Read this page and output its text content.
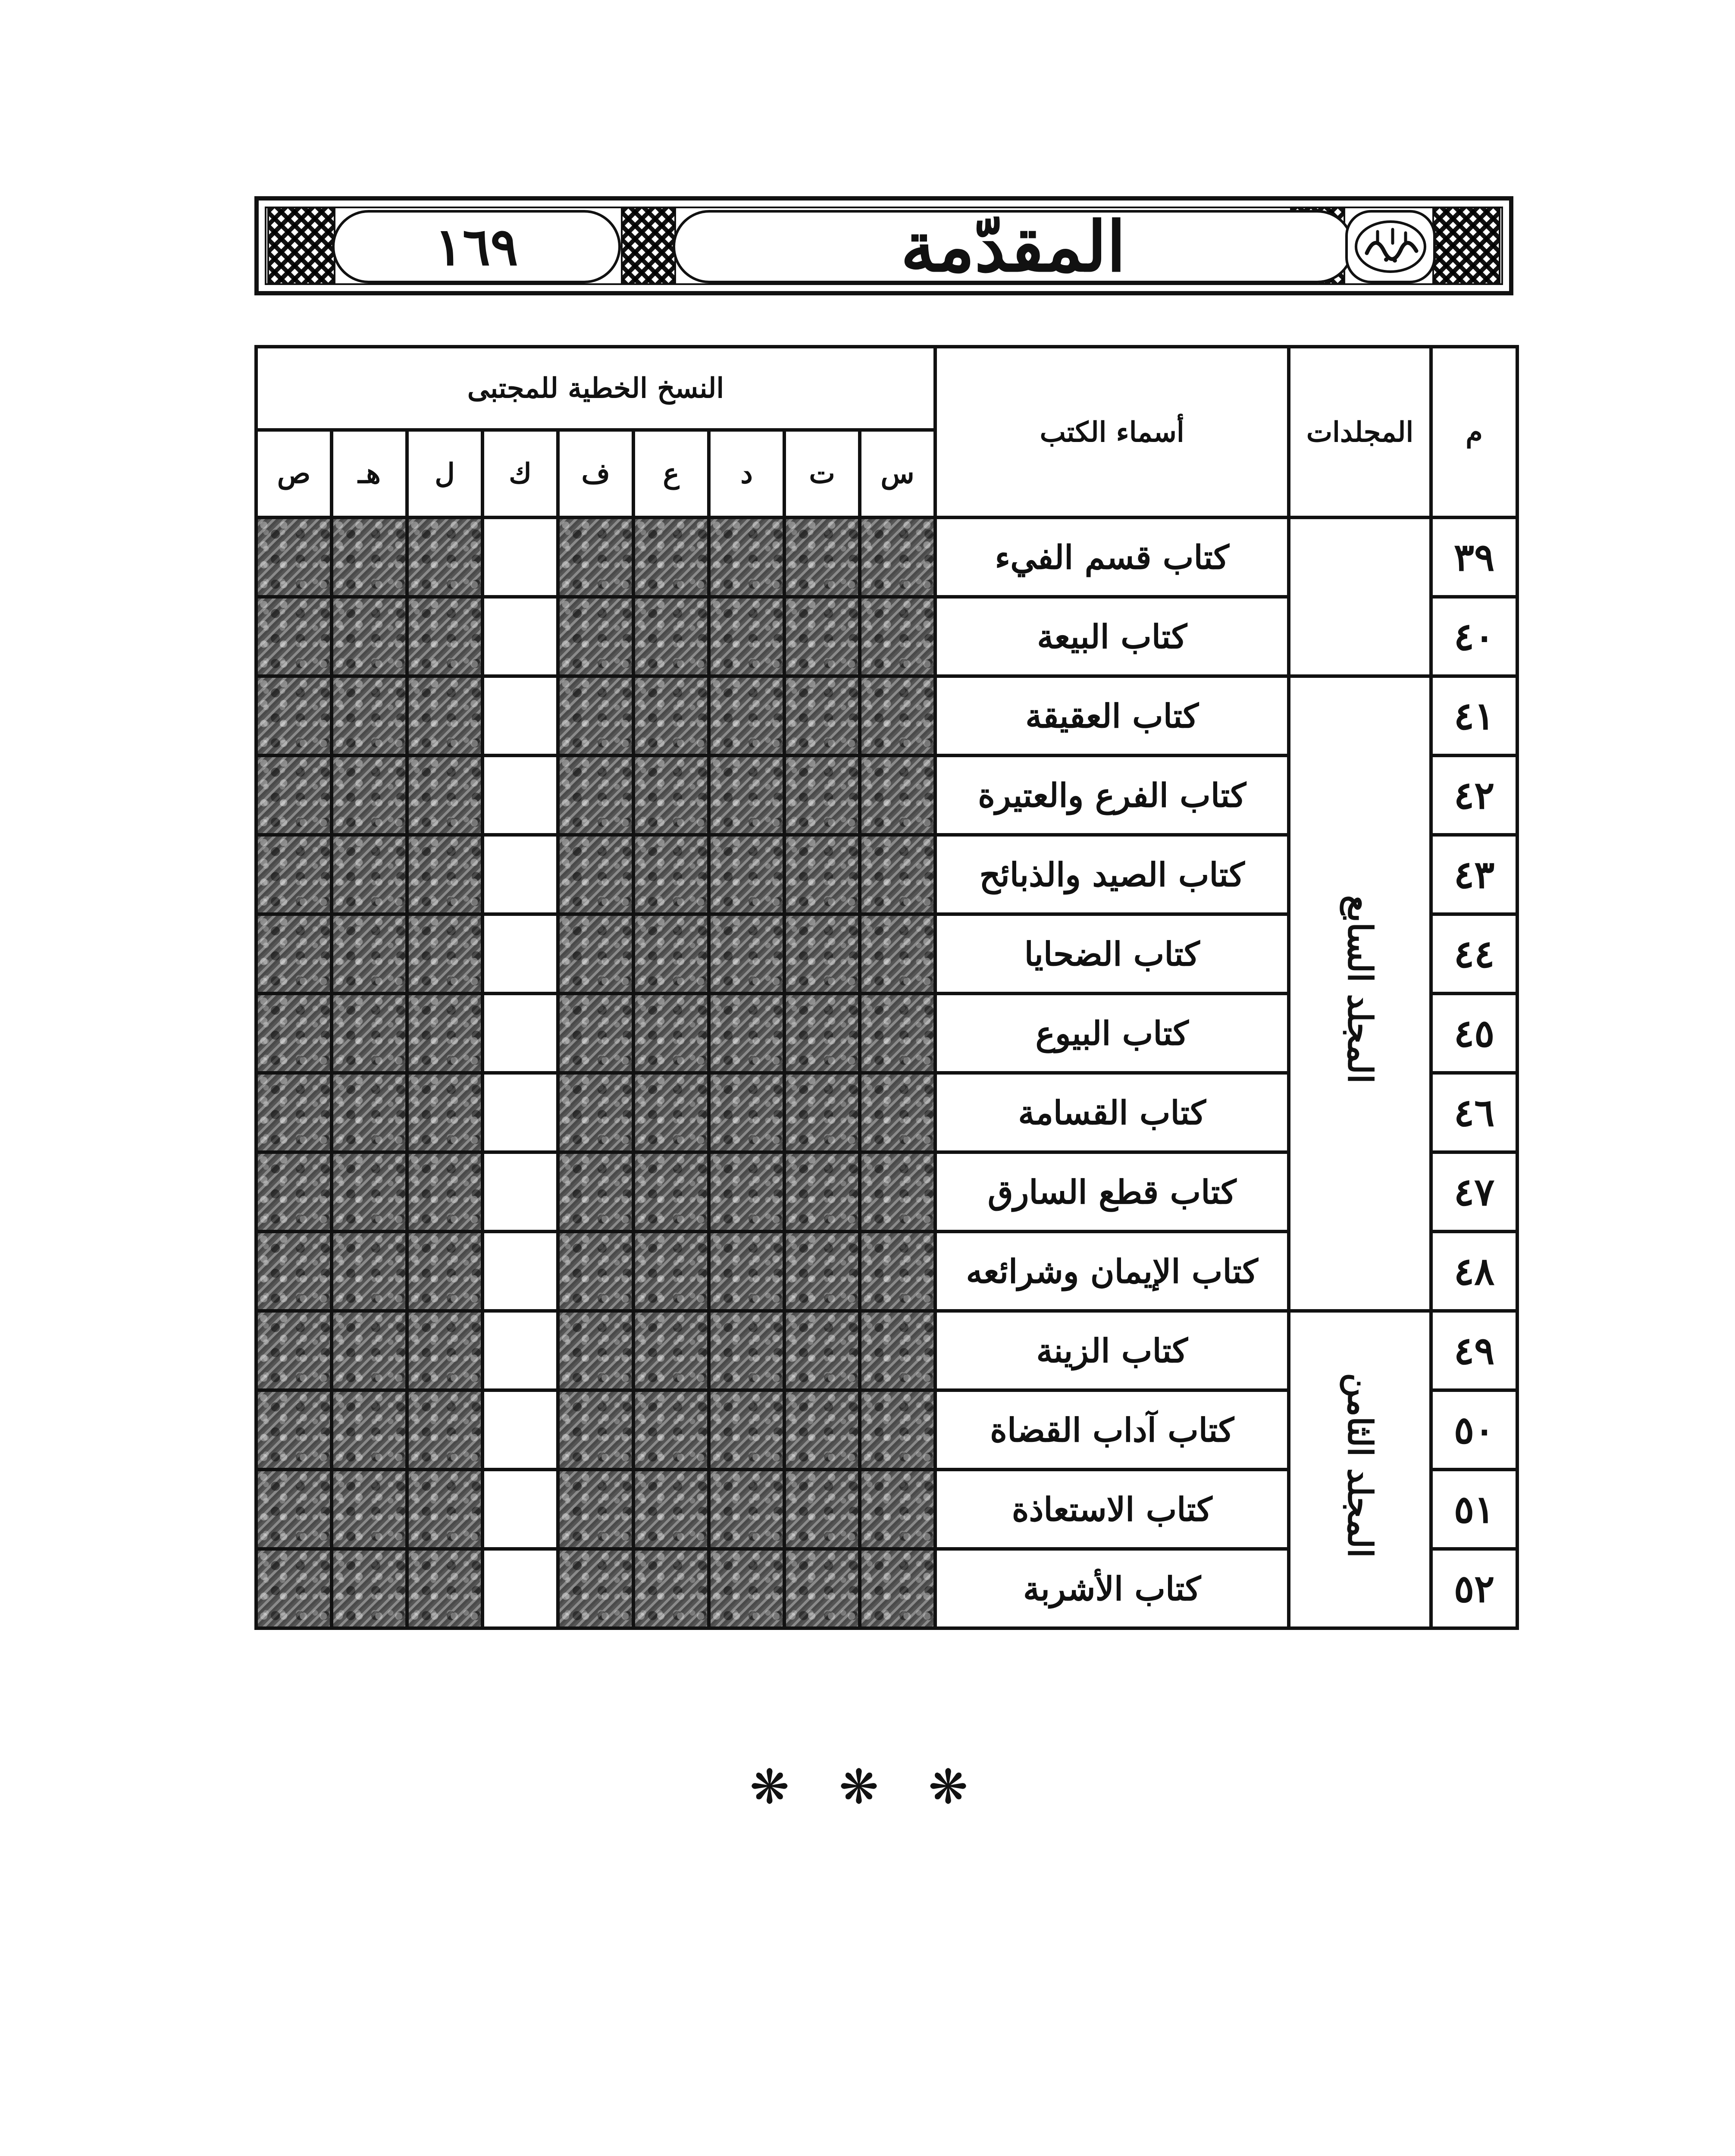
١٦٩	المقدّمة
م	المجلدات	أسماء الكتب	النسخ الخطية للمجتبى								
			س	ت	د	ع	ف	ك	ل	هـ	ص
٣٩		كتاب قسم الفيء									
٤٠		كتاب البيعة									
٤١	المجلد السابع	كتاب العقيقة									
٤٢		كتاب الفرع والعتيرة									
٤٣		كتاب الصيد والذبائح									
٤٤		كتاب الضحايا									
٤٥		كتاب البيوع									
٤٦		كتاب القسامة									
٤٧		كتاب قطع السارق									
٤٨		كتاب الإيمان وشرائعه									
٤٩	المجلد الثامن	كتاب الزينة									
٥٠		كتاب آداب القضاة									
٥١		كتاب الاستعاذة									
٥٢		كتاب الأشربة									
❋ ❋ ❋
